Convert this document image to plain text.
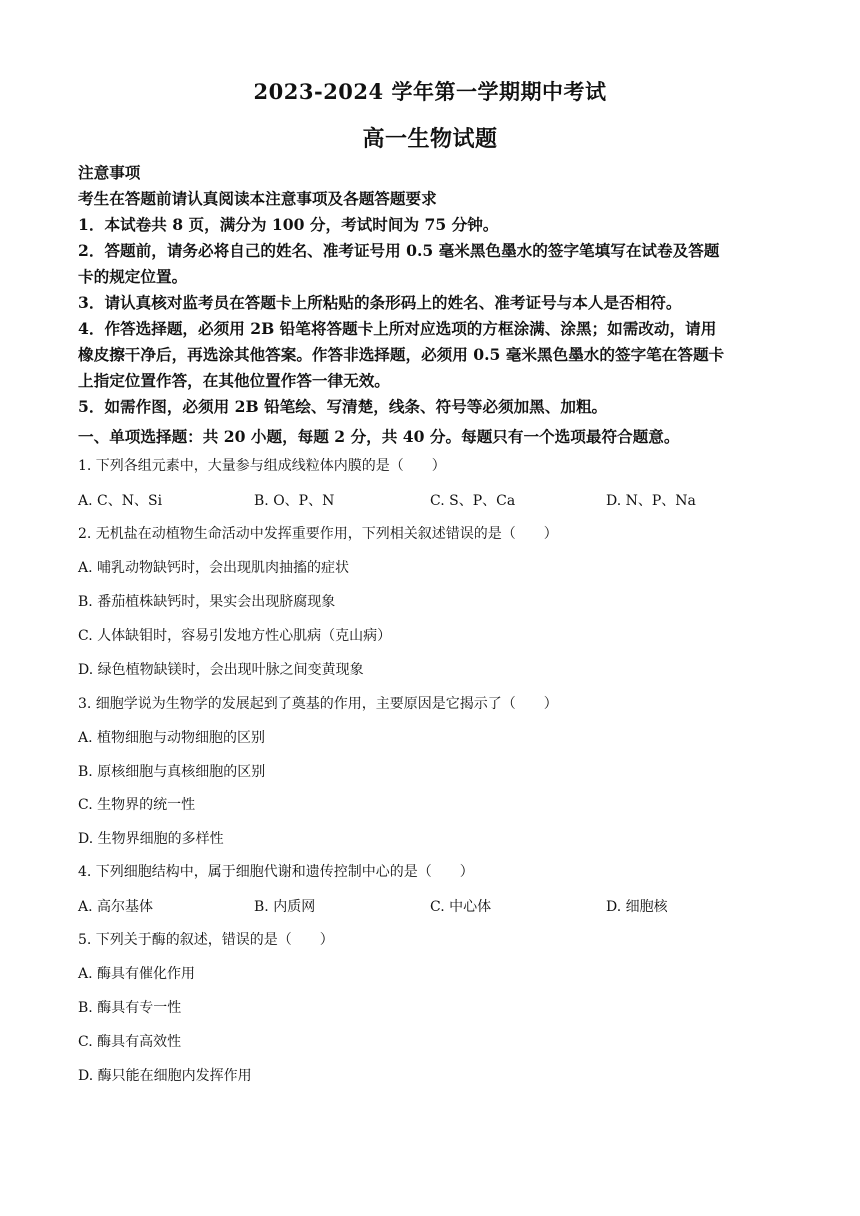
2023-2024 学年第一学期期中考试
高一生物试题

注意事项

考生在答题前请认真阅读本注意事项及各题答题要求

1．本试卷共 8 页，满分为 100 分，考试时间为 75 分钟。

2．答题前，请务必将自己的姓名、准考证号用 0.5 毫米黑色墨水的签字笔填写在试卷及答题

卡的规定位置。

3．请认真核对监考员在答题卡上所粘贴的条形码上的姓名、准考证号与本人是否相符。

4．作答选择题，必须用 2B 铅笔将答题卡上所对应选项的方框涂满、涂黑；如需改动，请用

橡皮擦干净后，再选涂其他答案。作答非选择题，必须用 0.5 毫米黑色墨水的签字笔在答题卡

上指定位置作答，在其他位置作答一律无效。

5．如需作图，必须用 2B 铅笔绘、写清楚，线条、符号等必须加黑、加粗。

一、单项选择题：共 20 小题，每题 2 分，共 40 分。每题只有一个选项最符合题意。
1. 下列各组元素中，大量参与组成线粒体内膜的是（　　）
A. C、N、Si	B. O、P、N	C. S、P、Ca	D. N、P、Na
2. 无机盐在动植物生命活动中发挥重要作用，下列相关叙述错误的是（　　）
A. 哺乳动物缺钙时，会出现肌肉抽搐的症状
B. 番茄植株缺钙时，果实会出现脐腐现象
C. 人体缺钼时，容易引发地方性心肌病（克山病）
D. 绿色植物缺镁时，会出现叶脉之间变黄现象
3. 细胞学说为生物学的发展起到了奠基的作用，主要原因是它揭示了（　　）
A. 植物细胞与动物细胞的区别
B. 原核细胞与真核细胞的区别
C. 生物界的统一性
D. 生物界细胞的多样性
4. 下列细胞结构中，属于细胞代谢和遗传控制中心的是（　　）
A. 高尔基体	B. 内质网	C. 中心体	D. 细胞核
5. 下列关于酶的叙述，错误的是（　　）
A. 酶具有催化作用
B. 酶具有专一性
C. 酶具有高效性
D. 酶只能在细胞内发挥作用
